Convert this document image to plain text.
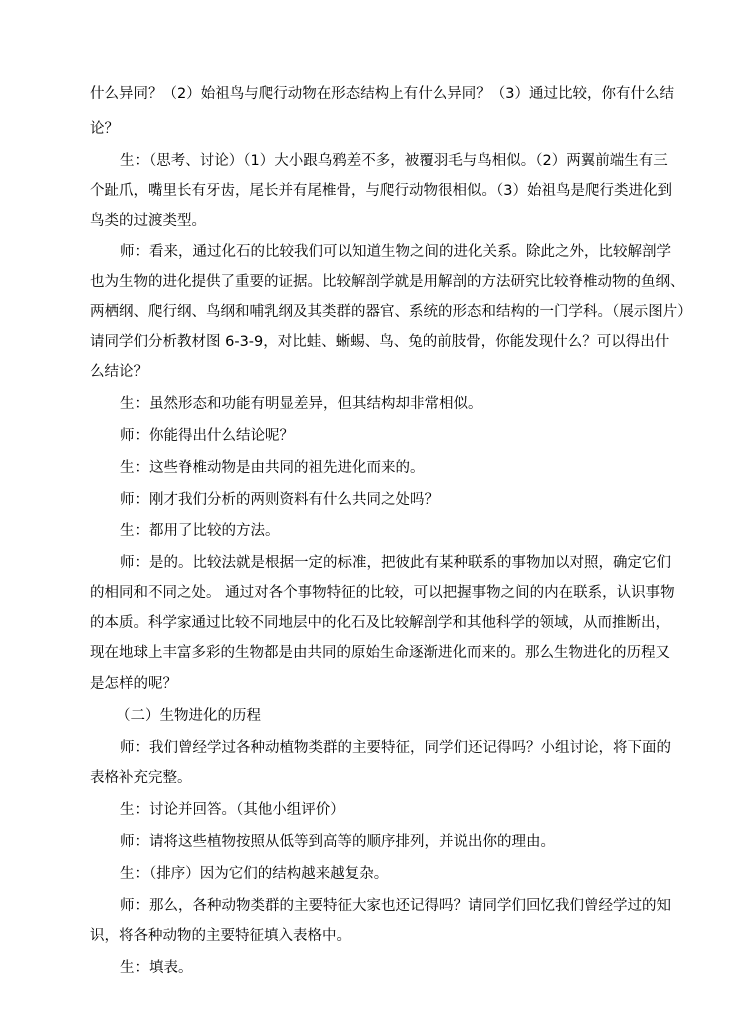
什么异同？（2）始祖鸟与爬行动物在形态结构上有什么异同？（3）通过比较，你有什么结
论？
生：（思考、讨论）（1）大小跟乌鸦差不多，被覆羽毛与鸟相似。（2）两翼前端生有三
个趾爪，嘴里长有牙齿，尾长并有尾椎骨，与爬行动物很相似。（3）始祖鸟是爬行类进化到
鸟类的过渡类型。
师：看来，通过化石的比较我们可以知道生物之间的进化关系。除此之外，比较解剖学
也为生物的进化提供了重要的证据。比较解剖学就是用解剖的方法研究比较脊椎动物的鱼纲、
两栖纲、爬行纲、鸟纲和哺乳纲及其类群的器官、系统的形态和结构的一门学科。（展示图片）
请同学们分析教材图 6-3-9，对比蛙、蜥蜴、鸟、兔的前肢骨，你能发现什么？可以得出什
么结论？
生：虽然形态和功能有明显差异，但其结构却非常相似。
师：你能得出什么结论呢？
生：这些脊椎动物是由共同的祖先进化而来的。
师：刚才我们分析的两则资料有什么共同之处吗？
生：都用了比较的方法。
师：是的。比较法就是根据一定的标准，把彼此有某种联系的事物加以对照，确定它们
的相同和不同之处。 通过对各个事物特征的比较，可以把握事物之间的内在联系，认识事物
的本质。科学家通过比较不同地层中的化石及比较解剖学和其他科学的领域，从而推断出，
现在地球上丰富多彩的生物都是由共同的原始生命逐渐进化而来的。那么生物进化的历程又
是怎样的呢？
（二）生物进化的历程
师：我们曾经学过各种动植物类群的主要特征，同学们还记得吗？小组讨论，将下面的
表格补充完整。
生：讨论并回答。（其他小组评价）
师：请将这些植物按照从低等到高等的顺序排列，并说出你的理由。
生：（排序）因为它们的结构越来越复杂。
师：那么，各种动物类群的主要特征大家也还记得吗？请同学们回忆我们曾经学过的知
识，将各种动物的主要特征填入表格中。
生：填表。
